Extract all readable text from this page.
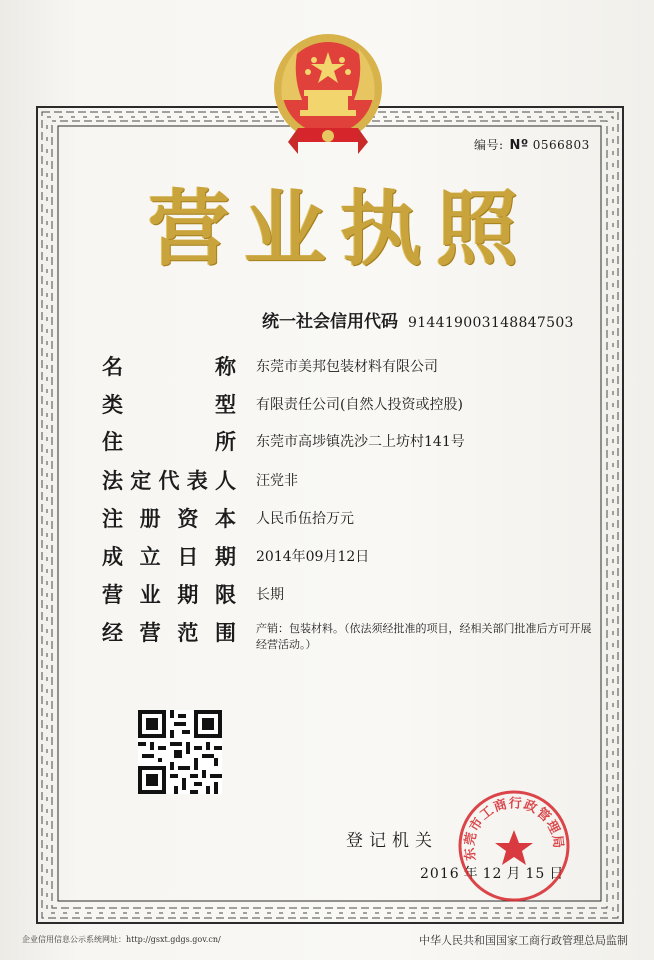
编号: Nº 0566803
营业执照
统一社会信用代码 914419003148847503
名	称 东莞市美邦包装材料有限公司
类	型 有限责任公司(自然人投资或控股)
住	所 东莞市高埗镇冼沙二上坊村141号
法 定 代 表 人 汪党非
注 册 资 本 人民币伍拾万元
成 立 日 期 2014年09月12日
营 业 期 限 长期
经 营 范 围 产销：包装材料。（依法须经批准的项目，经相关部门批准后方可开展经营活动。）
登记机关
2016 年 12 月 15 日
东莞市工商行政管理局
企业信用信息公示系统网址：http://gsxt.gdgs.gov.cn/	中华人民共和国国家工商行政管理总局监制
